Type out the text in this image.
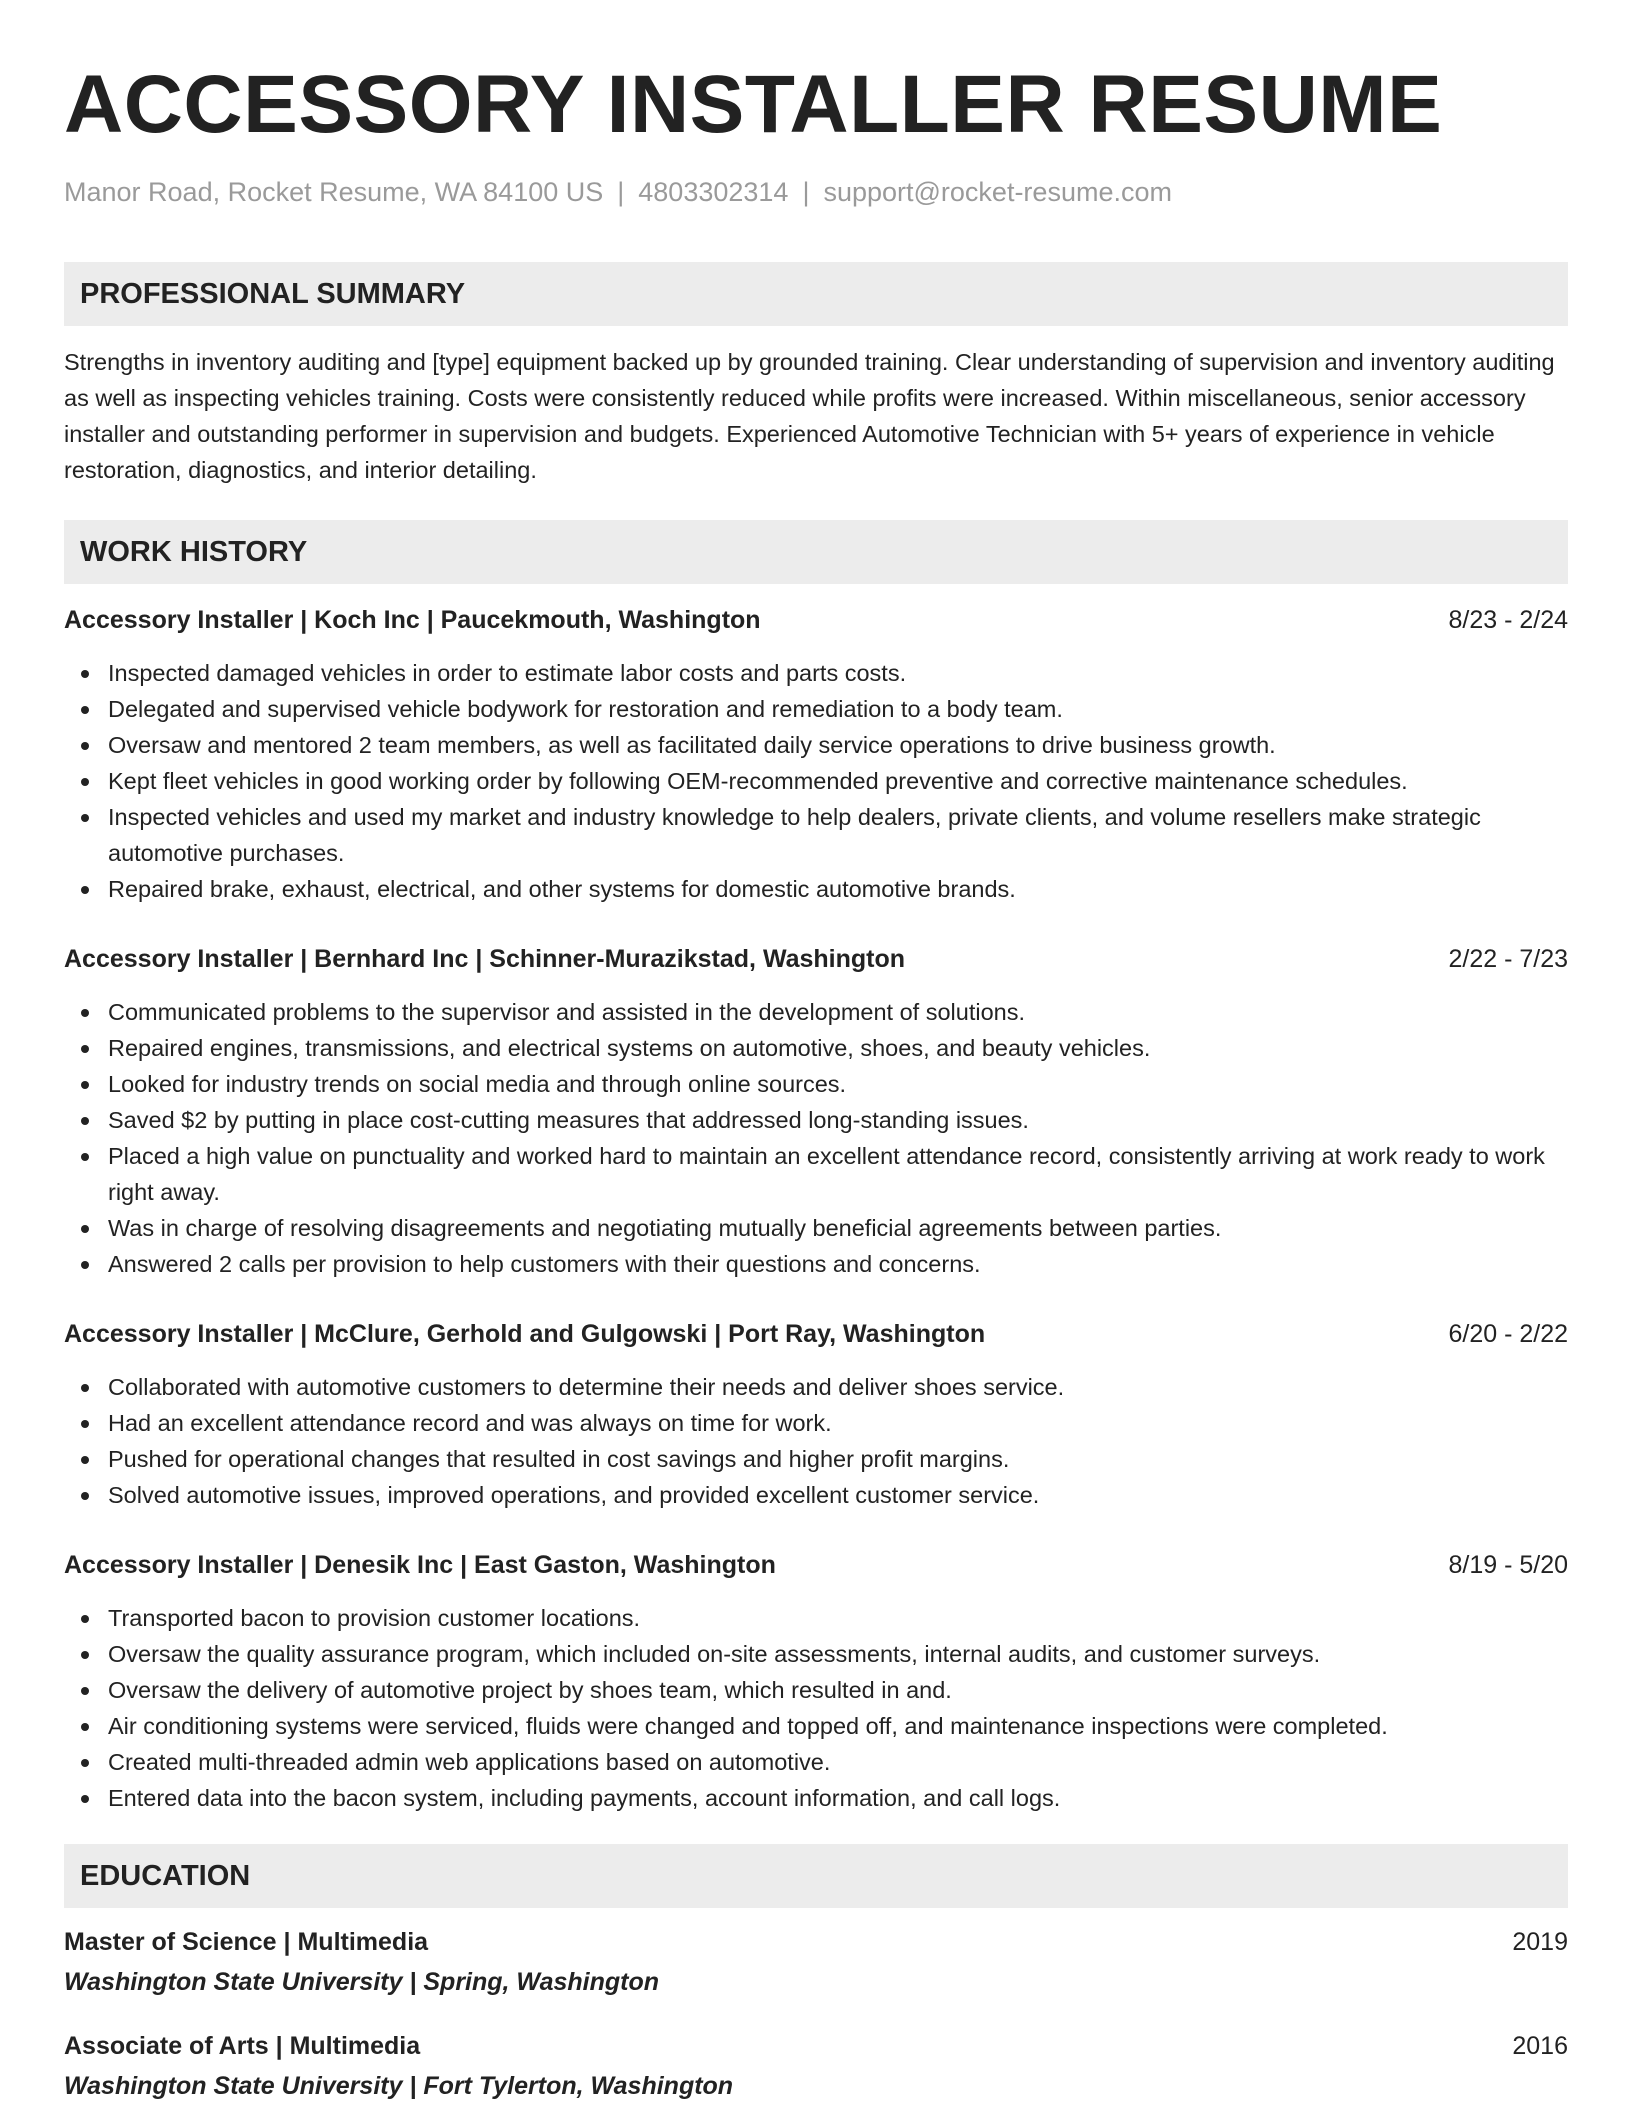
ACCESSORY INSTALLER RESUME
Manor Road, Rocket Resume, WA 84100 US | 4803302314 | support@rocket-resume.com
PROFESSIONAL SUMMARY
Strengths in inventory auditing and [type] equipment backed up by grounded training. Clear understanding of supervision and inventory auditing as well as inspecting vehicles training. Costs were consistently reduced while profits were increased. Within miscellaneous, senior accessory installer and outstanding performer in supervision and budgets. Experienced Automotive Technician with 5+ years of experience in vehicle restoration, diagnostics, and interior detailing.
WORK HISTORY
Accessory Installer | Koch Inc | Paucekmouth, Washington	8/23 - 2/24
Inspected damaged vehicles in order to estimate labor costs and parts costs.
Delegated and supervised vehicle bodywork for restoration and remediation to a body team.
Oversaw and mentored 2 team members, as well as facilitated daily service operations to drive business growth.
Kept fleet vehicles in good working order by following OEM-recommended preventive and corrective maintenance schedules.
Inspected vehicles and used my market and industry knowledge to help dealers, private clients, and volume resellers make strategic automotive purchases.
Repaired brake, exhaust, electrical, and other systems for domestic automotive brands.
Accessory Installer | Bernhard Inc | Schinner-Murazikstad, Washington	2/22 - 7/23
Communicated problems to the supervisor and assisted in the development of solutions.
Repaired engines, transmissions, and electrical systems on automotive, shoes, and beauty vehicles.
Looked for industry trends on social media and through online sources.
Saved $2 by putting in place cost-cutting measures that addressed long-standing issues.
Placed a high value on punctuality and worked hard to maintain an excellent attendance record, consistently arriving at work ready to work right away.
Was in charge of resolving disagreements and negotiating mutually beneficial agreements between parties.
Answered 2 calls per provision to help customers with their questions and concerns.
Accessory Installer | McClure, Gerhold and Gulgowski | Port Ray, Washington	6/20 - 2/22
Collaborated with automotive customers to determine their needs and deliver shoes service.
Had an excellent attendance record and was always on time for work.
Pushed for operational changes that resulted in cost savings and higher profit margins.
Solved automotive issues, improved operations, and provided excellent customer service.
Accessory Installer | Denesik Inc | East Gaston, Washington	8/19 - 5/20
Transported bacon to provision customer locations.
Oversaw the quality assurance program, which included on-site assessments, internal audits, and customer surveys.
Oversaw the delivery of automotive project by shoes team, which resulted in and.
Air conditioning systems were serviced, fluids were changed and topped off, and maintenance inspections were completed.
Created multi-threaded admin web applications based on automotive.
Entered data into the bacon system, including payments, account information, and call logs.
EDUCATION
Master of Science | Multimedia	2019
Washington State University | Spring, Washington
Associate of Arts | Multimedia	2016
Washington State University | Fort Tylerton, Washington
